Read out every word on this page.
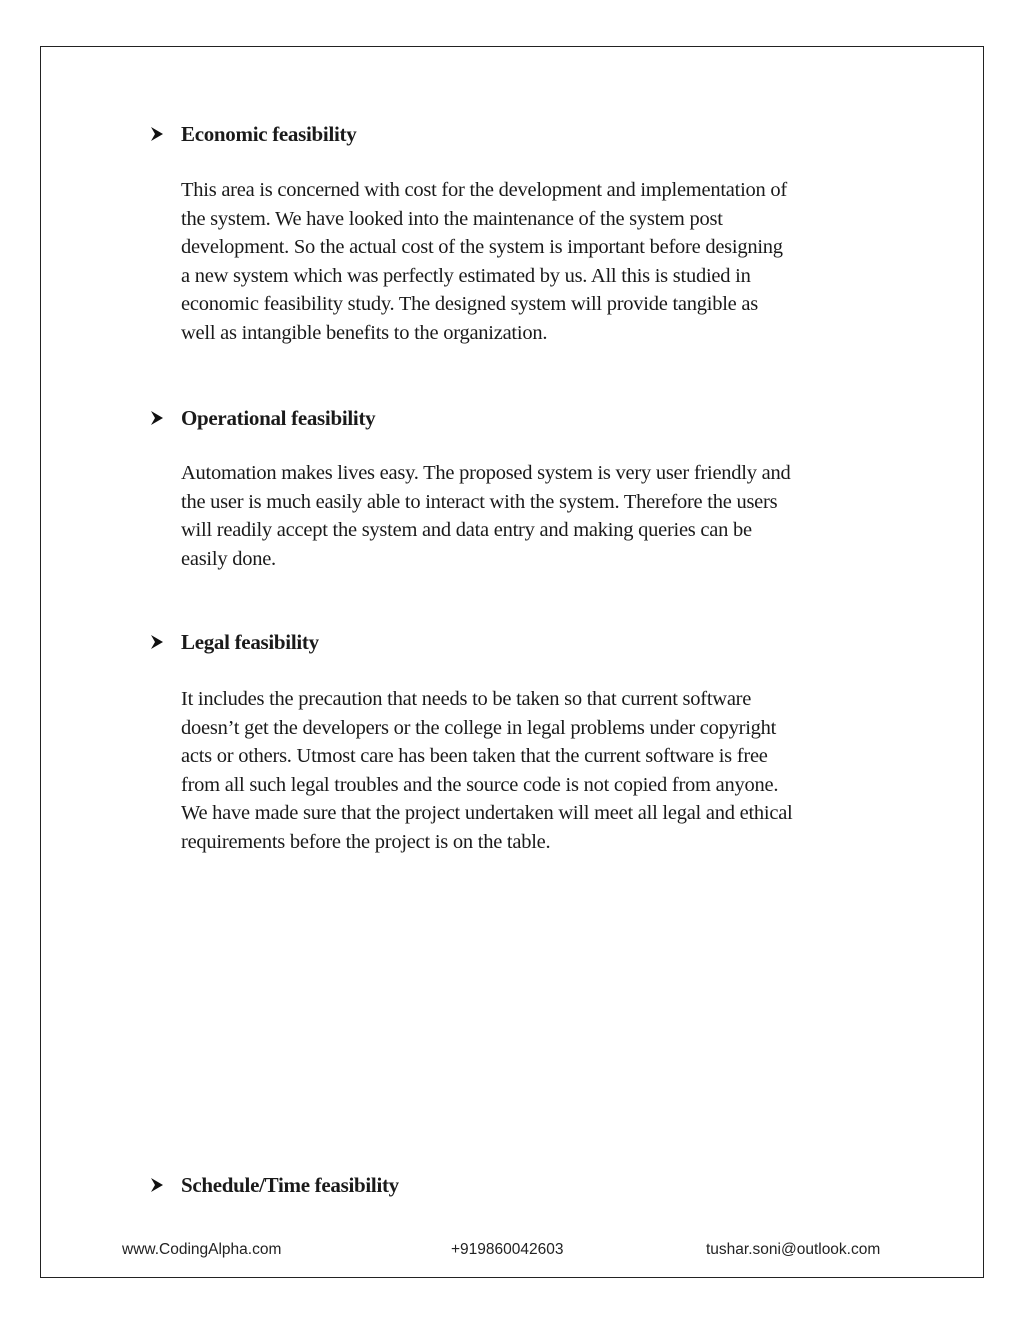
Economic feasibility
This area is concerned with cost for the development and implementation of
the system. We have looked into the maintenance of the system post
development. So the actual cost of the system is important before designing
a new system which was perfectly estimated by us. All this is studied in
economic feasibility study. The designed system will provide tangible as
well as intangible benefits to the organization.
Operational feasibility
Automation makes lives easy. The proposed system is very user friendly and
the user is much easily able to interact with the system. Therefore the users
will readily accept the system and data entry and making queries can be
easily done.
Legal feasibility
It includes the precaution that needs to be taken so that current software
doesn’t get the developers or the college in legal problems under copyright
acts or others. Utmost care has been taken that the current software is free
from all such legal troubles and the source code is not copied from anyone.
We have made sure that the project undertaken will meet all legal and ethical
requirements before the project is on the table.
Schedule/Time feasibility
www.CodingAlpha.com	+919860042603	tushar.soni@outlook.com
